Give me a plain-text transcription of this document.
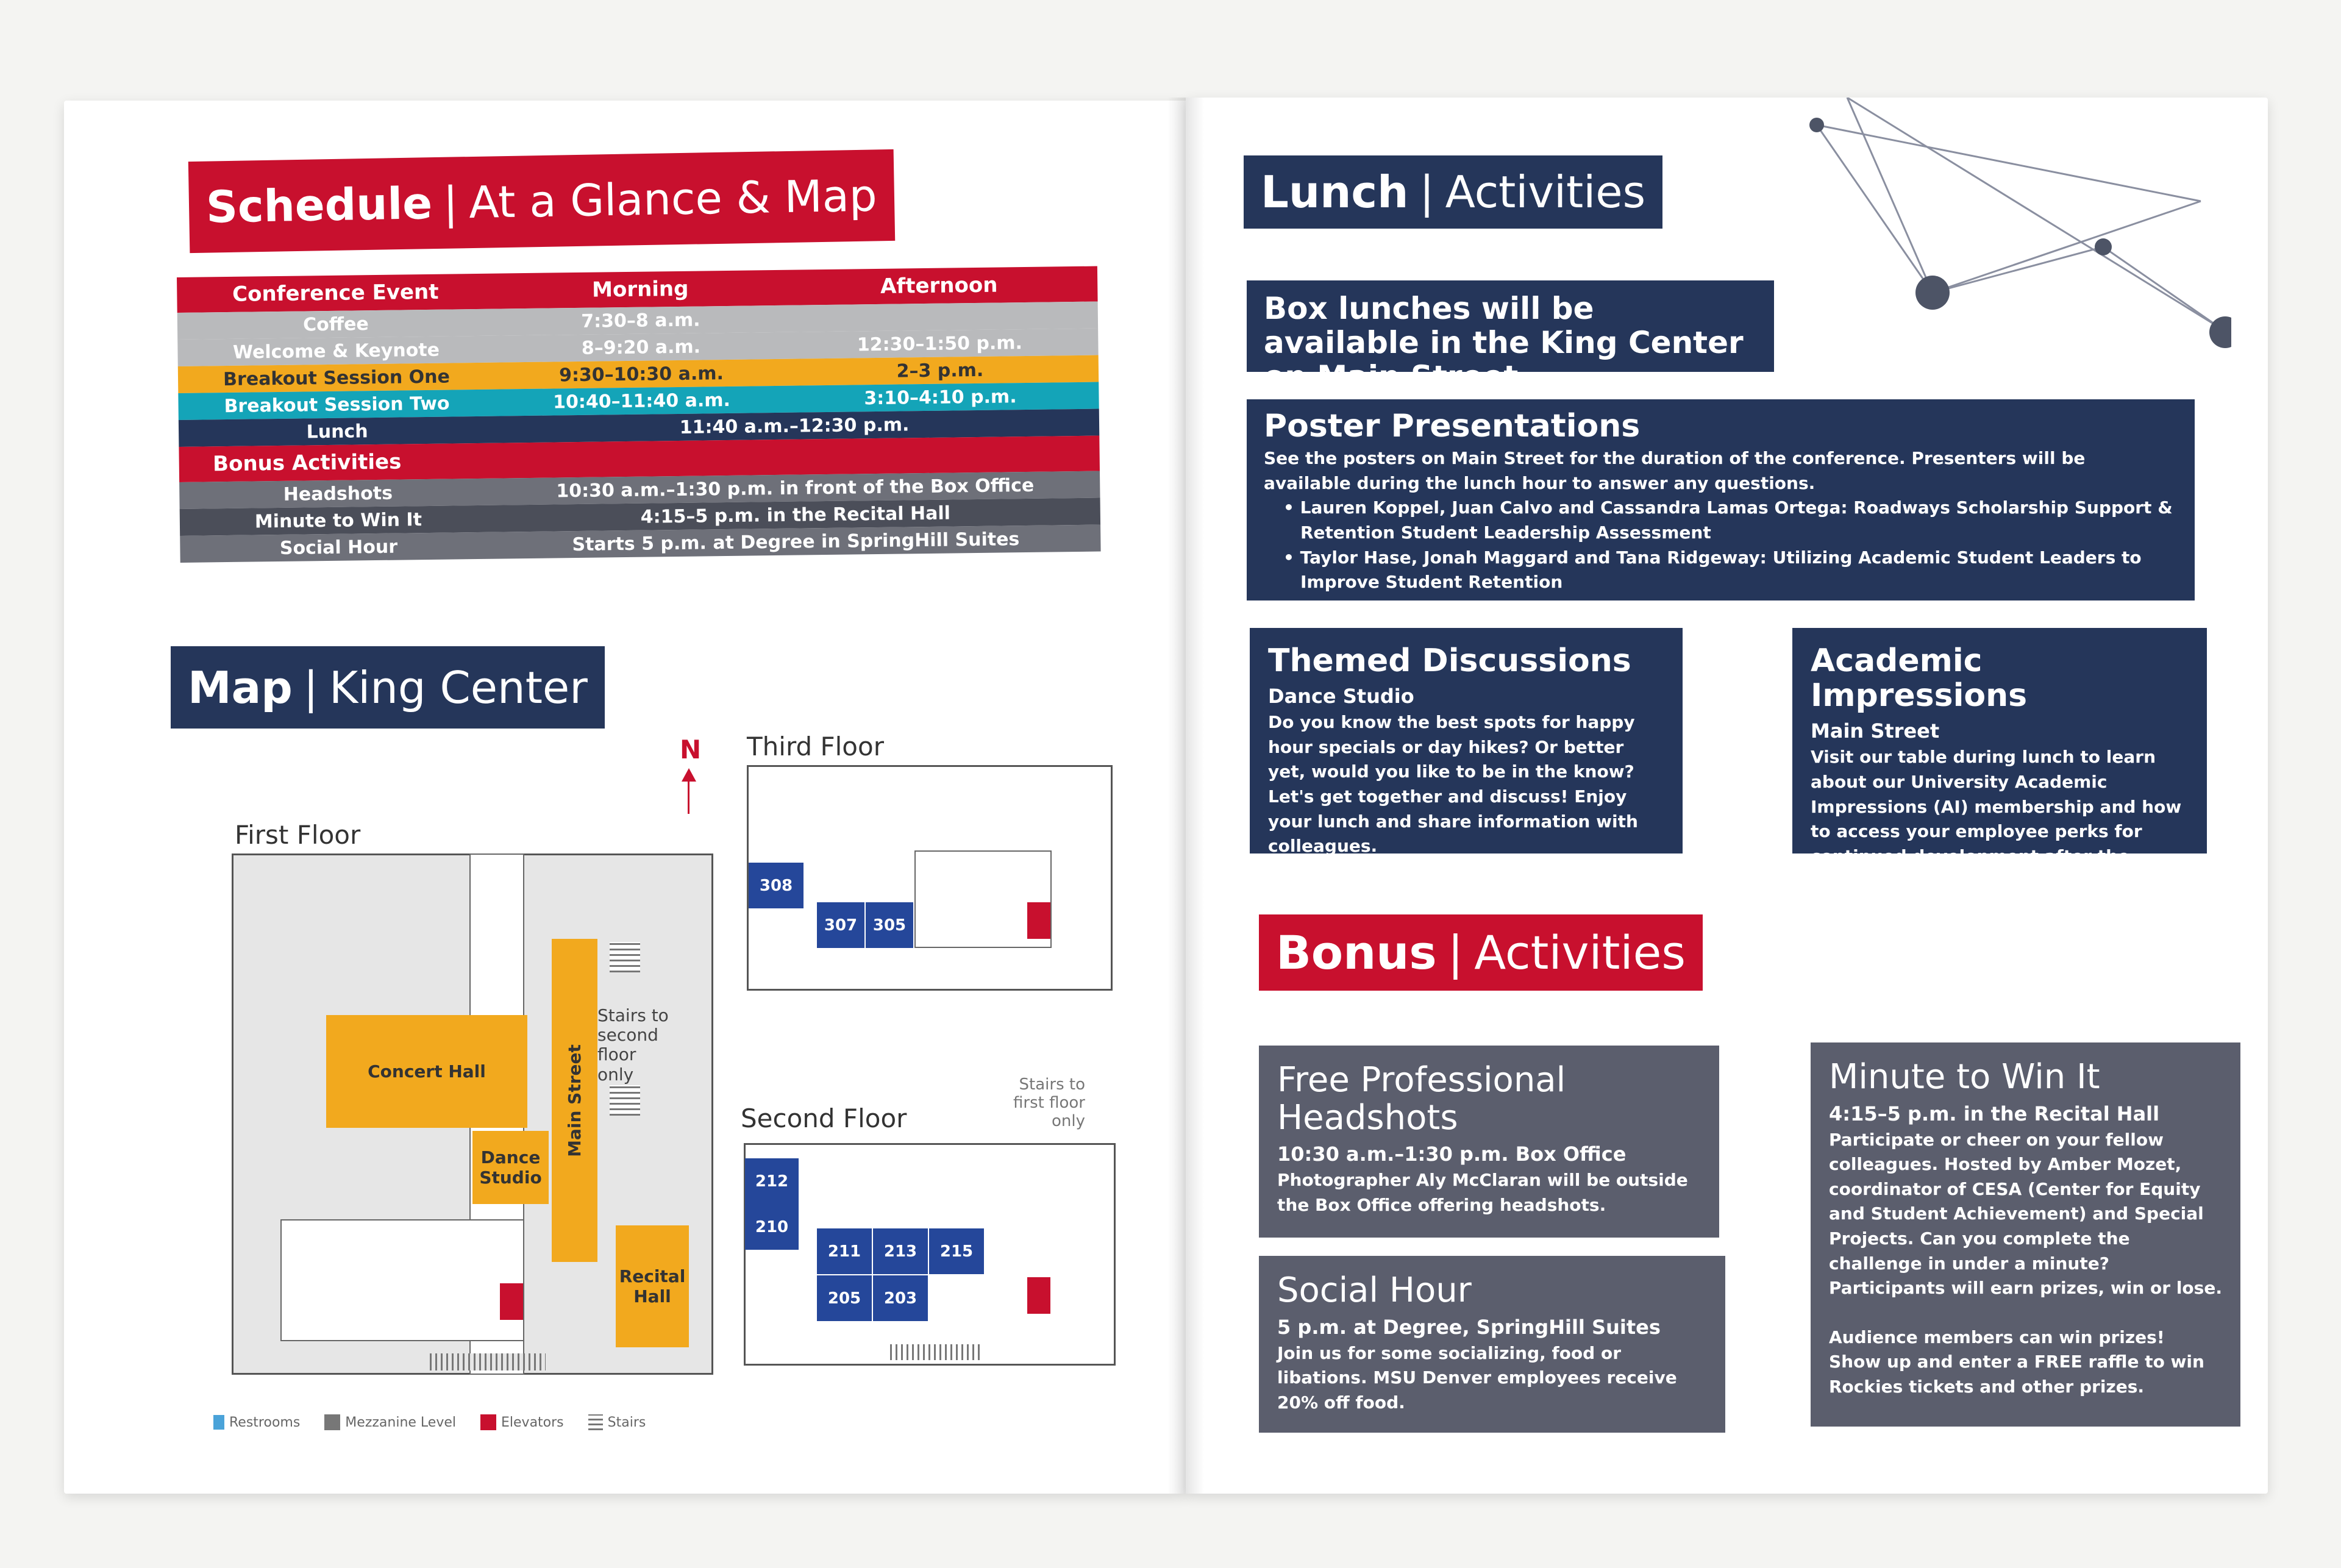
Schedule | At a Glance & Map
Conference Event	Morning	Afternoon
Coffee	7:30–8 a.m.
Welcome & Keynote	8–9:20 a.m.	12:30–1:50 p.m.
Breakout Session One	9:30–10:30 a.m.	2–3 p.m.
Breakout Session Two	10:40–11:40 a.m.	3:10–4:10 p.m.
Lunch	11:40 a.m.–12:30 p.m.
Bonus Activities
Headshots	10:30 a.m.–1:30 p.m. in front of the Box Office
Minute to Win It	4:15–5 p.m. in the Recital Hall
Social Hour	Starts 5 p.m. at Degree in SpringHill Suites
Map | King Center
N
First Floor
Main Street
Concert Hall
Dance Studio
Recital Hall
Stairs to second floor only
Third Floor
308
307 305
Second Floor
Stairs to first floor only
212
210
211	213	215
205	203
Restrooms	Mezzanine Level	Elevators	Stairs
Lunch | Activities
Box lunches will be available in the King Center on Main Street.
Poster Presentations

See the posters on Main Street for the duration of the conference. Presenters will be available during the lunch hour to answer any questions.

• Lauren Koppel, Juan Calvo and Cassandra Lamas Ortega: Roadways Scholarship Support & Retention Student Leadership Assessment

• Taylor Hase, Jonah Maggard and Tana Ridgeway: Utilizing Academic Student Leaders to Improve Student Retention

Themed Discussions
Dance Studio

Do you know the best spots for happy hour specials or day hikes? Or better yet, would you like to be in the know? Let's get together and discuss! Enjoy your lunch and share information with colleagues.

Academic Impressions
Main Street

Visit our table during lunch to learn about our University Academic Impressions (AI) membership and how to access your employee perks for continued development after the conference.

Bonus | Activities
Free Professional Headshots
10:30 a.m.–1:30 p.m. Box Office

Photographer Aly McClaran will be outside the Box Office offering headshots.

Social Hour
5 p.m. at Degree, SpringHill Suites

Join us for some socializing, food or libations. MSU Denver employees receive 20% off food.

Minute to Win It
4:15–5 p.m. in the Recital Hall

Participate or cheer on your fellow colleagues. Hosted by Amber Mozet, coordinator of CESA (Center for Equity and Student Achievement) and Special Projects. Can you complete the challenge in under a minute? Participants will earn prizes, win or lose.

Audience members can win prizes! Show up and enter a FREE raffle to win Rockies tickets and other prizes.
